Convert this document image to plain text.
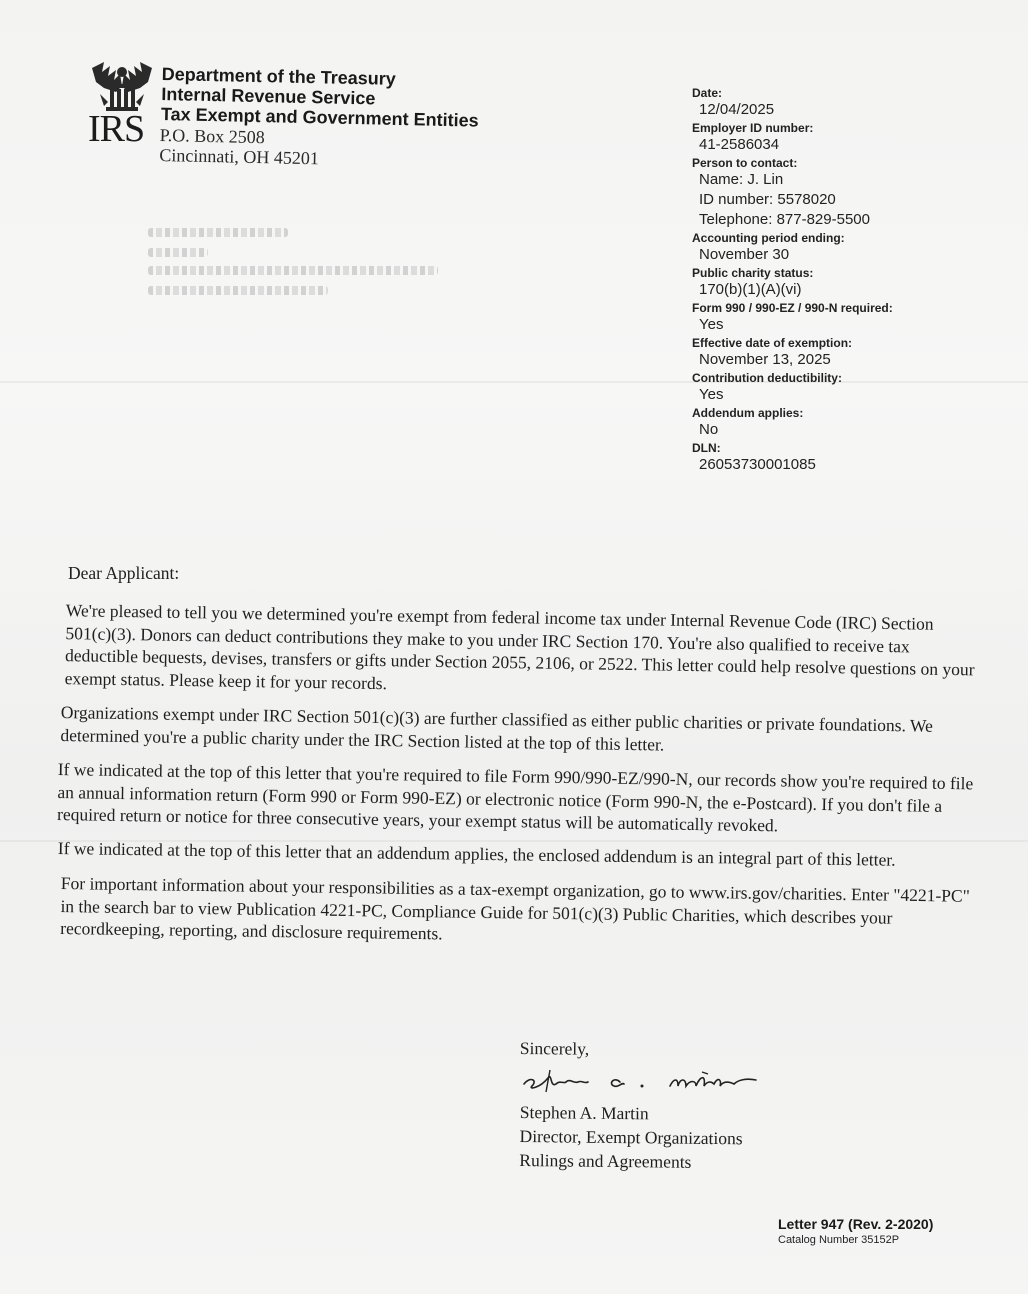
IRS
Department of the Treasury
Internal Revenue Service
Tax Exempt and Government Entities
P.O. Box 2508
Cincinnati, OH 45201
Date:
12/04/2025
Employer ID number:
41-2586034
Person to contact:
Name: J. Lin
ID number: 5578020
Telephone: 877-829-5500
Accounting period ending:
November 30
Public charity status:
170(b)(1)(A)(vi)
Form 990 / 990-EZ / 990-N required:
Yes
Effective date of exemption:
November 13, 2025
Contribution deductibility:
Yes
Addendum applies:
No
DLN:
26053730001085
Dear Applicant:
We're pleased to tell you we determined you're exempt from federal income tax under Internal Revenue Code (IRC) Section 501(c)(3). Donors can deduct contributions they make to you under IRC Section 170. You're also qualified to receive tax deductible bequests, devises, transfers or gifts under Section 2055, 2106, or 2522. This letter could help resolve questions on your exempt status. Please keep it for your records.
Organizations exempt under IRC Section 501(c)(3) are further classified as either public charities or private foundations. We determined you're a public charity under the IRC Section listed at the top of this letter.
If we indicated at the top of this letter that you're required to file Form 990/990-EZ/990-N, our records show you're required to file an annual information return (Form 990 or Form 990-EZ) or electronic notice (Form 990-N, the e-Postcard). If you don't file a required return or notice for three consecutive years, your exempt status will be automatically revoked.
If we indicated at the top of this letter that an addendum applies, the enclosed addendum is an integral part of this letter.
For important information about your responsibilities as a tax-exempt organization, go to www.irs.gov/charities. Enter "4221-PC" in the search bar to view Publication 4221-PC, Compliance Guide for 501(c)(3) Public Charities, which describes your recordkeeping, reporting, and disclosure requirements.
Sincerely,
Stephen A. Martin
Director, Exempt Organizations
Rulings and Agreements
Letter 947 (Rev. 2-2020)
Catalog Number 35152P
